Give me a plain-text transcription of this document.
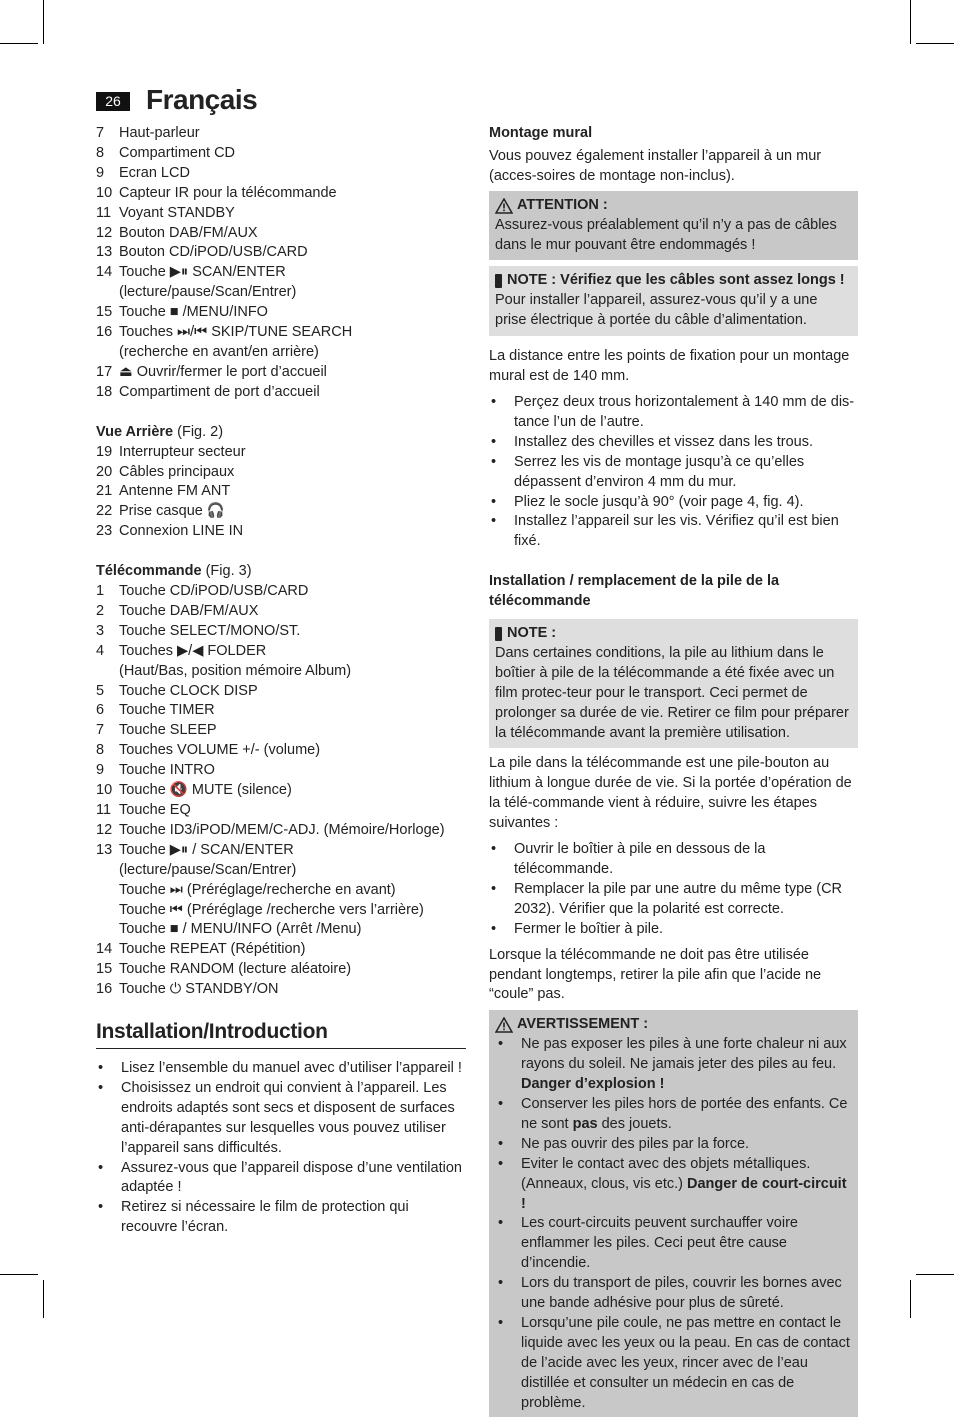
26 Français
7	Haut-parleur
8	Compartiment CD
9	Ecran LCD
10 Capteur IR pour la télécommande
11 Voyant STANDBY
12 Bouton DAB/FM/AUX
13 Bouton CD/iPOD/USB/CARD
14 Touche ▶⏸ SCAN/ENTER
(lecture/pause/Scan/Entrer)
15 Touche ■ /MENU/INFO
16 Touches ⏭/⏮ SKIP/TUNE SEARCH
(recherche en avant/en arrière)
17 ⏏ Ouvrir/fermer le port d’accueil
18 Compartiment de port d’accueil
Vue Arrière (Fig. 2)
19 Interrupteur secteur
20 Câbles principaux
21 Antenne FM ANT
22 Prise casque 🎧
23 Connexion LINE IN
Télécommande (Fig. 3)
1	Touche CD/iPOD/USB/CARD
2	Touche DAB/FM/AUX
3	Touche SELECT/MONO/ST.
4	Touches ▶/◀ FOLDER
(Haut/Bas, position mémoire Album)
5	Touche CLOCK DISP
6	Touche TIMER
7	Touche SLEEP
8	Touches VOLUME +/- (volume)
9	Touche INTRO
10 Touche 🔇 MUTE (silence)
11 Touche EQ
12 Touche ID3/iPOD/MEM/C-ADJ. (Mémoire/Horloge)
13 Touche ▶⏸ / SCAN/ENTER (lecture/pause/Scan/Entrer)
Touche ⏭ (Préréglage/recherche en avant)
Touche ⏮ (Préréglage /recherche vers l’arrière)
Touche ■ / MENU/INFO (Arrêt /Menu)
14 Touche REPEAT (Répétition)
15 Touche RANDOM (lecture aléatoire)
16 Touche ⏻ STANDBY/ON
Installation/Introduction
•	Lisez l’ensemble du manuel avec d’utiliser l’appareil !
•	Choisissez un endroit qui convient à l’appareil. Les endroits adaptés sont secs et disposent de surfaces anti-dérapantes sur lesquelles vous pouvez utiliser l’appareil sans difficultés.
•	Assurez-vous que l’appareil dispose d’une ventilation adaptée !
•	Retirez si nécessaire le film de protection qui recouvre l’écran.
Montage mural
Vous pouvez également installer l’appareil à un mur (acces-soires de montage non-inclus).
ATTENTION :
Assurez-vous préalablement qu’il n’y a pas de câbles dans le mur pouvant être endommagés !
NOTE : Vérifiez que les câbles sont assez longs !
Pour installer l’appareil, assurez-vous qu’il y a une prise électrique à portée du câble d’alimentation.
La distance entre les points de fixation pour un montage mural est de 140 mm.
•	Perçez deux trous horizontalement à 140 mm de dis-tance l’un de l’autre.
•	Installez des chevilles et vissez dans les trous.
•	Serrez les vis de montage jusqu’à ce qu’elles dépassent d’environ 4 mm du mur.
•	Pliez le socle jusqu’à 90° (voir page 4, fig. 4).
•	Installez l’appareil sur les vis. Vérifiez qu’il est bien fixé.
Installation / remplacement de la pile de la télécommande
NOTE :
Dans certaines conditions, la pile au lithium dans le boîtier à pile de la télécommande a été fixée avec un film protec-teur pour le transport. Ceci permet de prolonger sa durée de vie. Retirer ce film pour préparer la télécommande avant la première utilisation.
La pile dans la télécommande est une pile-bouton au lithium à longue durée de vie. Si la portée d’opération de la télé-commande vient à réduire, suivre les étapes suivantes :
•	Ouvrir le boîtier à pile en dessous de la télécommande.
•	Remplacer la pile par une autre du même type (CR 2032). Vérifier que la polarité est correcte.
•	Fermer le boîtier à pile.
Lorsque la télécommande ne doit pas être utilisée pendant longtemps, retirer la pile afin que l’acide ne “coule” pas.
AVERTISSEMENT :
•	Ne pas exposer les piles à une forte chaleur ni aux rayons du soleil. Ne jamais jeter des piles au feu. Danger d’explosion !
•	Conserver les piles hors de portée des enfants. Ce ne sont pas des jouets.
•	Ne pas ouvrir des piles par la force.
•	Eviter le contact avec des objets métalliques. (Anneaux, clous, vis etc.) Danger de court-circuit !
•	Les court-circuits peuvent surchauffer voire enflammer les piles. Ceci peut être cause d’incendie.
•	Lors du transport de piles, couvrir les bornes avec une bande adhésive pour plus de sûreté.
•	Lorsqu’une pile coule, ne pas mettre en contact le liquide avec les yeux ou la peau. En cas de contact de l’acide avec les yeux, rincer avec de l’eau distillée et consulter un médecin en cas de problème.
